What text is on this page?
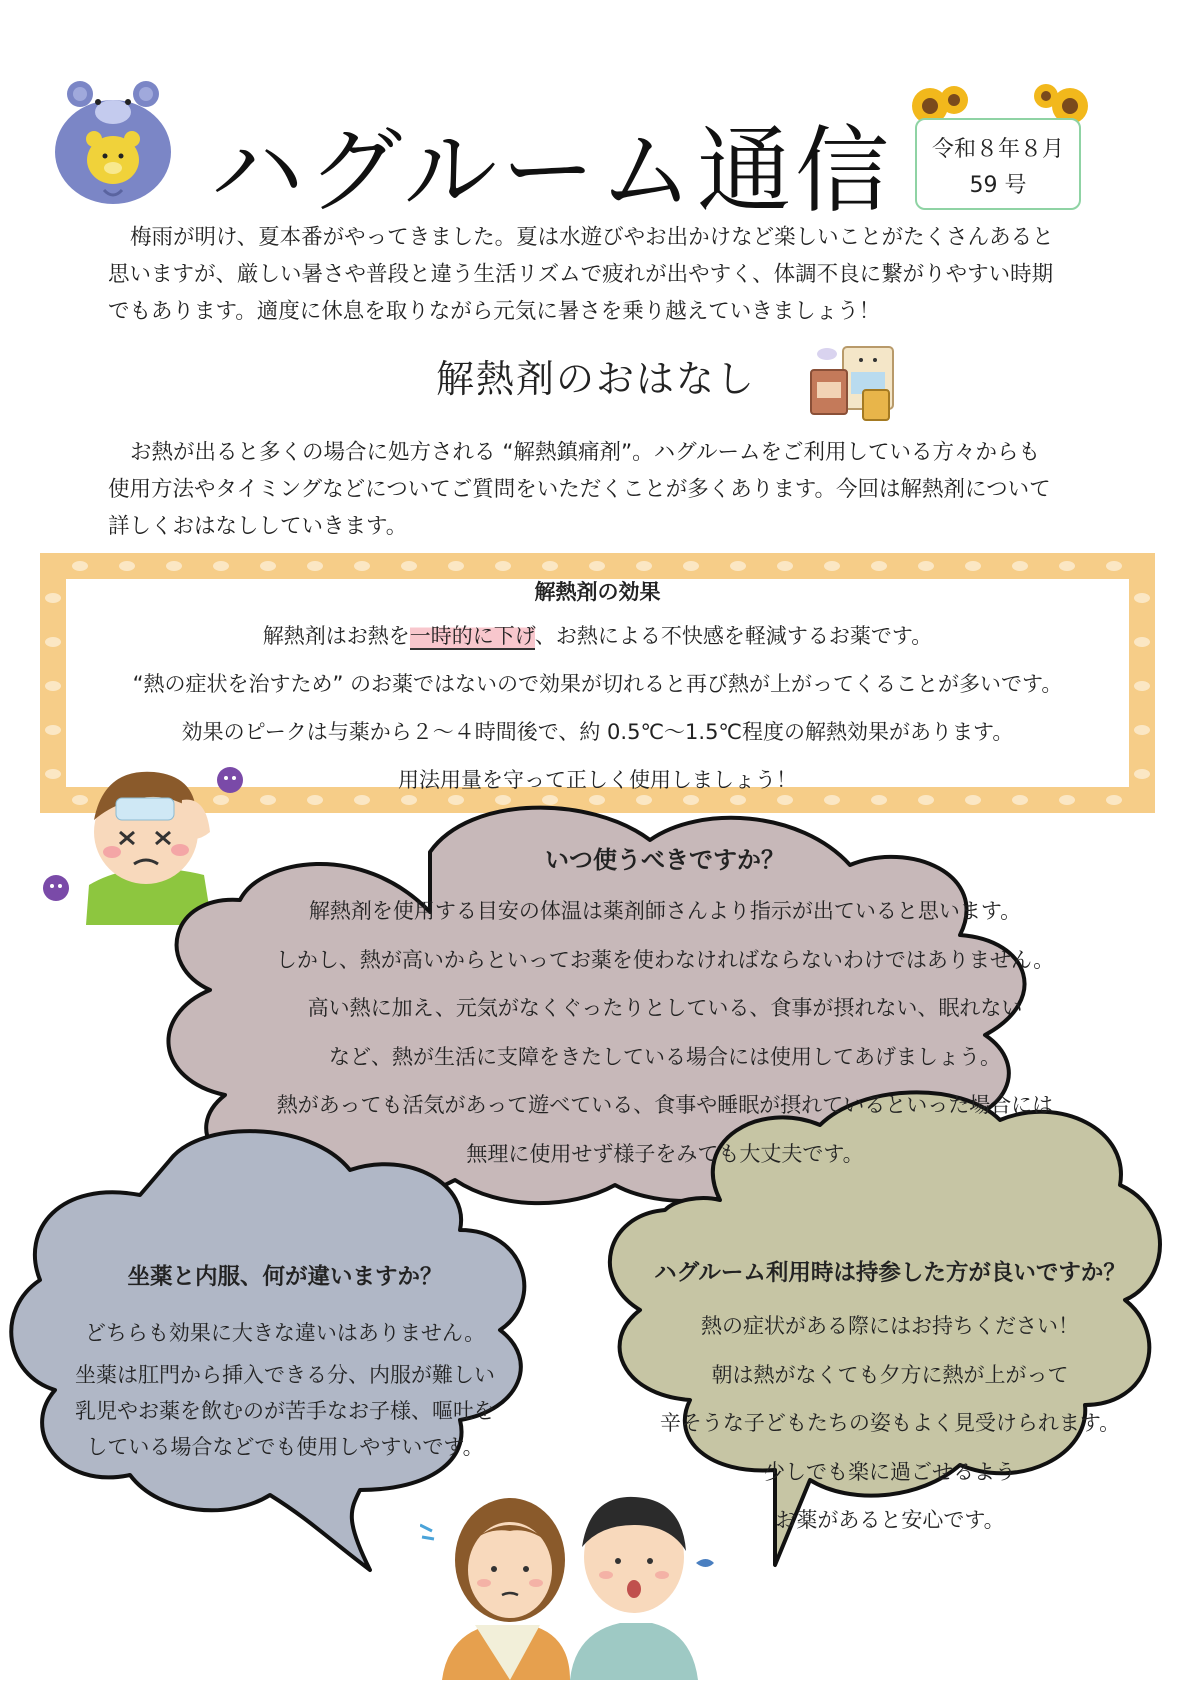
ハグルーム通信	令和８年８月
59 号

梅雨が明け、夏本番がやってきました。夏は水遊びやお出かけなど楽しいことがたくさんあると

思いますが、厳しい暑さや普段と違う生活リズムで疲れが出やすく、体調不良に繋がりやすい時期

でもあります。適度に休息を取りながら元気に暑さを乗り越えていきましょう！

解熱剤のおはなし

お熱が出ると多くの場合に処方される “解熱鎮痛剤”。ハグルームをご利用している方々からも

使用方法やタイミングなどについてご質問をいただくことが多くあります。今回は解熱剤について

詳しくおはなししていきます。

解熱剤の効果
解熱剤はお熱を一時的に下げ、お熱による不快感を軽減するお薬です。
“熱の症状を治すため” のお薬ではないので効果が切れると再び熱が上がってくることが多いです。
効果のピークは与薬から２～４時間後で、約 0.5℃～1.5℃程度の解熱効果があります。
用法用量を守って正しく使用しましょう！
いつ使うべきですか？
解熱剤を使用する目安の体温は薬剤師さんより指示が出ていると思います。
しかし、熱が高いからといってお薬を使わなければならないわけではありません。
高い熱に加え、元気がなくぐったりとしている、食事が摂れない、眠れない
など、熱が生活に支障をきたしている場合には使用してあげましょう。
熱があっても活気があって遊べている、食事や睡眠が摂れているといった場合には
無理に使用せず様子をみても大丈夫です。
坐薬と内服、何が違いますか？
どちらも効果に大きな違いはありません。
坐薬は肛門から挿入できる分、内服が難しい
乳児やお薬を飲むのが苦手なお子様、嘔吐を
している場合などでも使用しやすいです。
ハグルーム利用時は持参した方が良いですか？
熱の症状がある際にはお持ちください！
朝は熱がなくても夕方に熱が上がって
辛そうな子どもたちの姿もよく見受けられます。
少しでも楽に過ごせるよう
お薬があると安心です。
